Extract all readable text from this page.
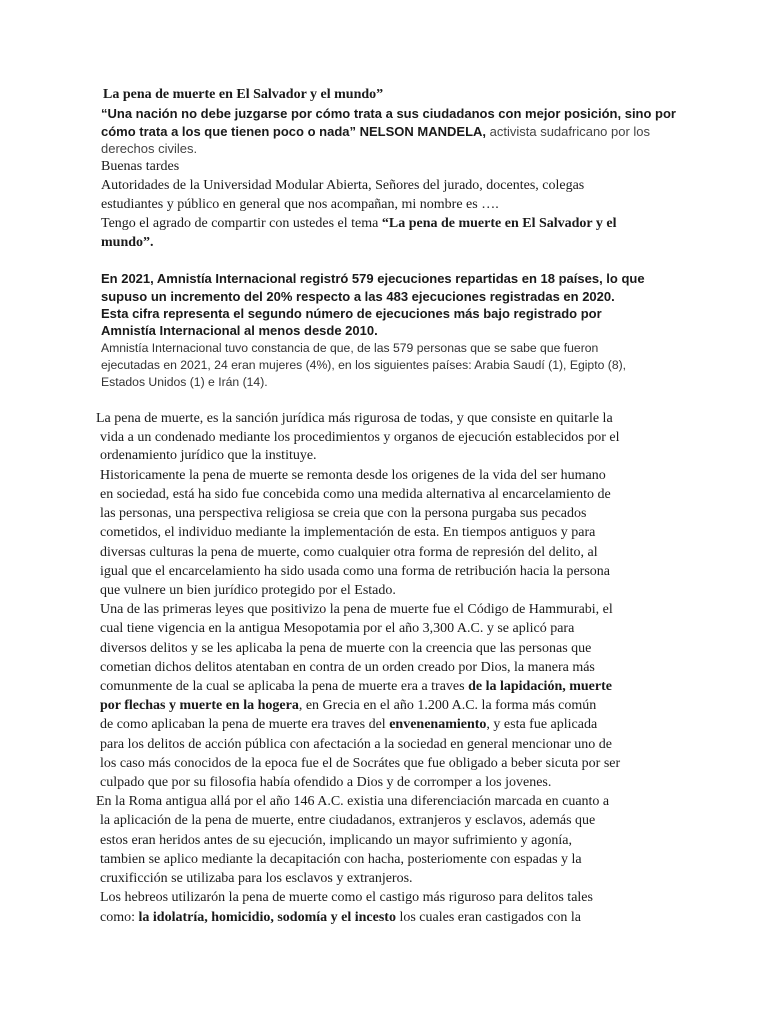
La pena de muerte en El Salvador y el mundo”
“Una nación no debe juzgarse por cómo trata a sus ciudadanos con mejor posición, sino por
cómo trata a los que tienen poco o nada” NELSON MANDELA, activista sudafricano por los
derechos civiles.
Buenas tardes
Autoridades de la Universidad Modular Abierta, Señores del jurado, docentes, colegas
estudiantes y público en general que nos acompañan, mi nombre es ….
Tengo el agrado de compartir con ustedes el tema “La pena de muerte en El Salvador y el
mundo”.
En 2021, Amnistía Internacional registró 579 ejecuciones repartidas en 18 países, lo que
supuso un incremento del 20% respecto a las 483 ejecuciones registradas en 2020.
Esta cifra representa el segundo número de ejecuciones más bajo registrado por
Amnistía Internacional al menos desde 2010.
Amnistía Internacional tuvo constancia de que, de las 579 personas que se sabe que fueron
ejecutadas en 2021, 24 eran mujeres (4%), en los siguientes países: Arabia Saudí (1), Egipto (8),
Estados Unidos (1) e Irán (14).
La pena de muerte, es la sanción jurídica más rigurosa de todas, y que consiste en quitarle la
vida a un condenado mediante los procedimientos y organos de ejecución establecidos por el
ordenamiento jurídico que la instituye.
Historicamente la pena de muerte se remonta desde los origenes de la vida del ser humano
en sociedad, está ha sido fue concebida como una medida alternativa al encarcelamiento de
las personas, una perspectiva religiosa se creia que con la persona purgaba sus pecados
cometidos, el individuo mediante la implementación de esta. En tiempos antiguos y para
diversas culturas la pena de muerte, como cualquier otra forma de represión del delito, al
igual que el encarcelamiento ha sido usada como una forma de retribución hacia la persona
que vulnere un bien jurídico protegido por el Estado.
Una de las primeras leyes que positivizo la pena de muerte fue el Código de Hammurabi, el
cual tiene vigencia en la antigua Mesopotamia por el año 3,300 A.C. y se aplicó para
diversos delitos y se les aplicaba la pena de muerte con la creencia que las personas que
cometian dichos delitos atentaban en contra de un orden creado por Dios, la manera más
comunmente de la cual se aplicaba la pena de muerte era a traves de la lapidación, muerte
por flechas y muerte en la hogera, en Grecia en el año 1.200 A.C. la forma más común
de como aplicaban la pena de muerte era traves del envenenamiento, y esta fue aplicada
para los delitos de acción pública con afectación a la sociedad en general mencionar uno de
los caso más conocidos de la epoca fue el de Socrátes que fue obligado a beber sicuta por ser
culpado que por su filosofia había ofendido a Dios y de corromper a los jovenes.
En la Roma antigua allá por el año 146 A.C. existia una diferenciación marcada en cuanto a
la aplicación de la pena de muerte, entre ciudadanos, extranjeros y esclavos, además que
estos eran heridos antes de su ejecución, implicando un mayor sufrimiento y agonía,
tambien se aplico mediante la decapitación con hacha, posteriomente con espadas y la
cruxificción se utilizaba para los esclavos y extranjeros.
Los hebreos utilizarón la pena de muerte como el castigo más riguroso para delitos tales
como: la idolatría, homicidio, sodomía y el incesto los cuales eran castigados con la
